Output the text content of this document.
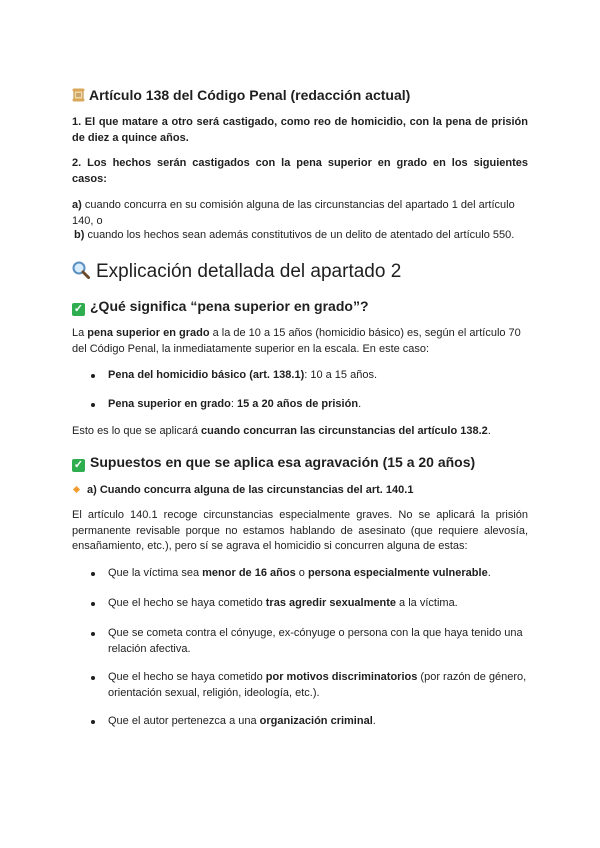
Artículo 138 del Código Penal (redacción actual)

1. El que matare a otro será castigado, como reo de homicidio, con la pena de prisión de diez a quince años.

2. Los hechos serán castigados con la pena superior en grado en los siguientes casos:

a) cuando concurra en su comisión alguna de las circunstancias del apartado 1 del artículo 140, o

b) cuando los hechos sean además constitutivos de un delito de atentado del artículo 550.

Explicación detallada del apartado 2
✓ ¿Qué significa “pena superior en grado”?

La pena superior en grado a la de 10 a 15 años (homicidio básico) es, según el artículo 70 del Código Penal, la inmediatamente superior en la escala. En este caso:

Pena del homicidio básico (art. 138.1): 10 a 15 años.
Pena superior en grado: 15 a 20 años de prisión.

Esto es lo que se aplicará cuando concurran las circunstancias del artículo 138.2.

✓ Supuestos en que se aplica esa agravación (15 a 20 años)

a) Cuando concurra alguna de las circunstancias del art. 140.1

El artículo 140.1 recoge circunstancias especialmente graves. No se aplicará la prisión permanente revisable porque no estamos hablando de asesinato (que requiere alevosía, ensañamiento, etc.), pero sí se agrava el homicidio si concurren alguna de estas:

Que la víctima sea menor de 16 años o persona especialmente vulnerable.
Que el hecho se haya cometido tras agredir sexualmente a la víctima.
Que se cometa contra el cónyuge, ex-cónyuge o persona con la que haya tenido una relación afectiva.
Que el hecho se haya cometido por motivos discriminatorios (por razón de género, orientación sexual, religión, ideología, etc.).
Que el autor pertenezca a una organización criminal.
